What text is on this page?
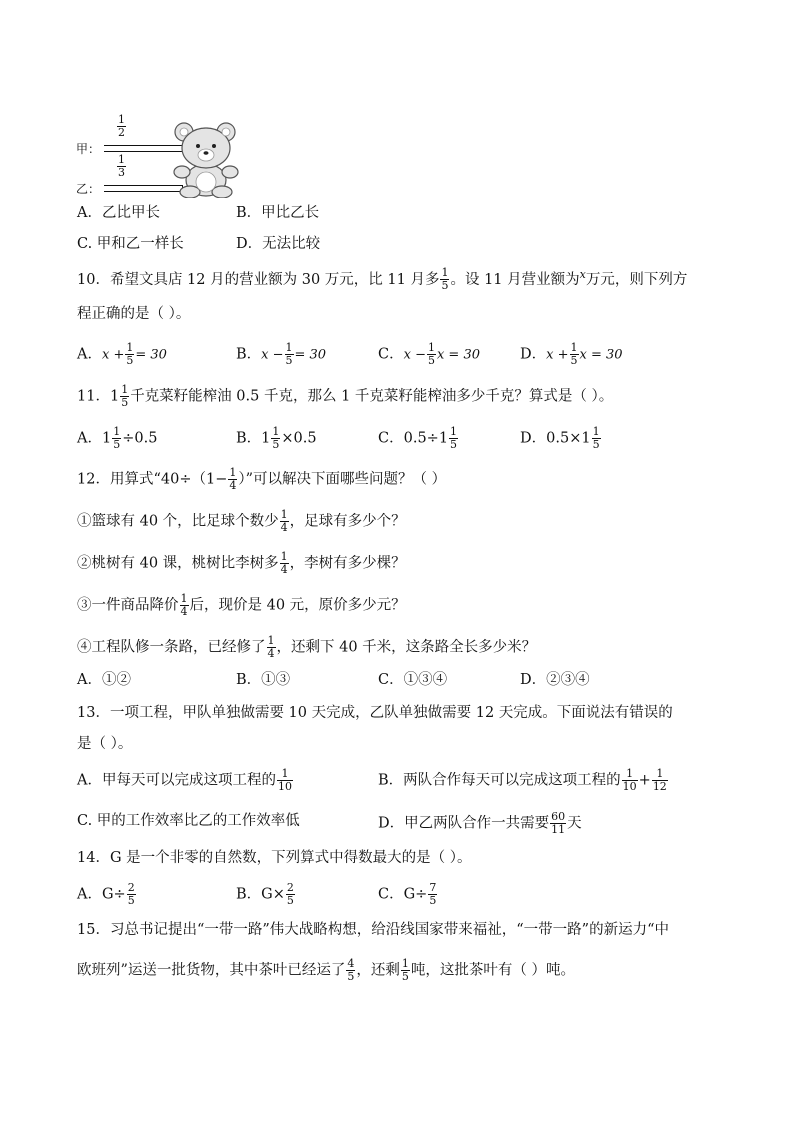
1
2
甲：
1
3
乙：
A．乙比甲长	B．甲比乙长
C. 甲和乙一样长	D．无法比较
10．希望文具店 12 月的营业额为 30 万元，比 11 月多 $\frac{1}{5}$ 。设 11 月营业额为$^x$万元，则下列方
程正确的是（ ）。
A．$x + \frac{1}{5} = 30$	B．$x - \frac{1}{5} = 30$	C．$x - \frac{1}{5}$ x = 30	D．$x + \frac{1}{5}$ x = 30
11．$1 \frac{1}{5}$ 千克菜籽能榨油 0.5 千克，那么 1 千克菜籽能榨油多少千克？算式是（ ）。
A．$1 \frac{1}{5} \div 0.5$	B．$1 \frac{1}{5} \times 0.5$	C．$0.5\div 1 \frac{1}{5}$	D．$0.5\times 1 \frac{1}{5}$
12．用算式“$40\div(1- \frac{1}{4}$ ）”可以解决下面哪些问题？（ ）
①篮球有 40 个，比足球个数少 $\frac{1}{4}$ ，足球有多少个？
②桃树有 40 课，桃树比李树多 $\frac{1}{4}$ ，李树有多少棵？
③一件商品降价 $\frac{1}{4}$ 后，现价是 40 元，原价多少元？
④工程队修一条路，已经修了 $\frac{1}{4}$ ，还剩下 40 千米，这条路全长多少米？
A．①②	B．①③	C．①③④	D．②③④
13．一项工程，甲队单独做需要 10 天完成，乙队单独做需要 12 天完成。下面说法有错误的
是（ ）。
A．甲每天可以完成这项工程的 $\frac{1}{10}$	B．两队合作每天可以完成这项工程的 $\frac{1}{10} + \frac{1}{12}$
C. 甲的工作效率比乙的工作效率低	D．甲乙两队合作一共需要 $\frac{60}{11}$ 天
14．G 是一个非零的自然数，下列算式中得数最大的是（ ）。
A．$G\div \frac{2}{5}$	B．$G\times \frac{2}{5}$	C．$G\div \frac{7}{5}$
15．习总书记提出“一带一路”伟大战略构想，给沿线国家带来福祉，“一带一路”的新运力“中
欧班列”运送一批货物，其中茶叶已经运了 $\frac{4}{5}$ ，还剩 $\frac{1}{5}$ 吨，这批茶叶有（ ）吨。
